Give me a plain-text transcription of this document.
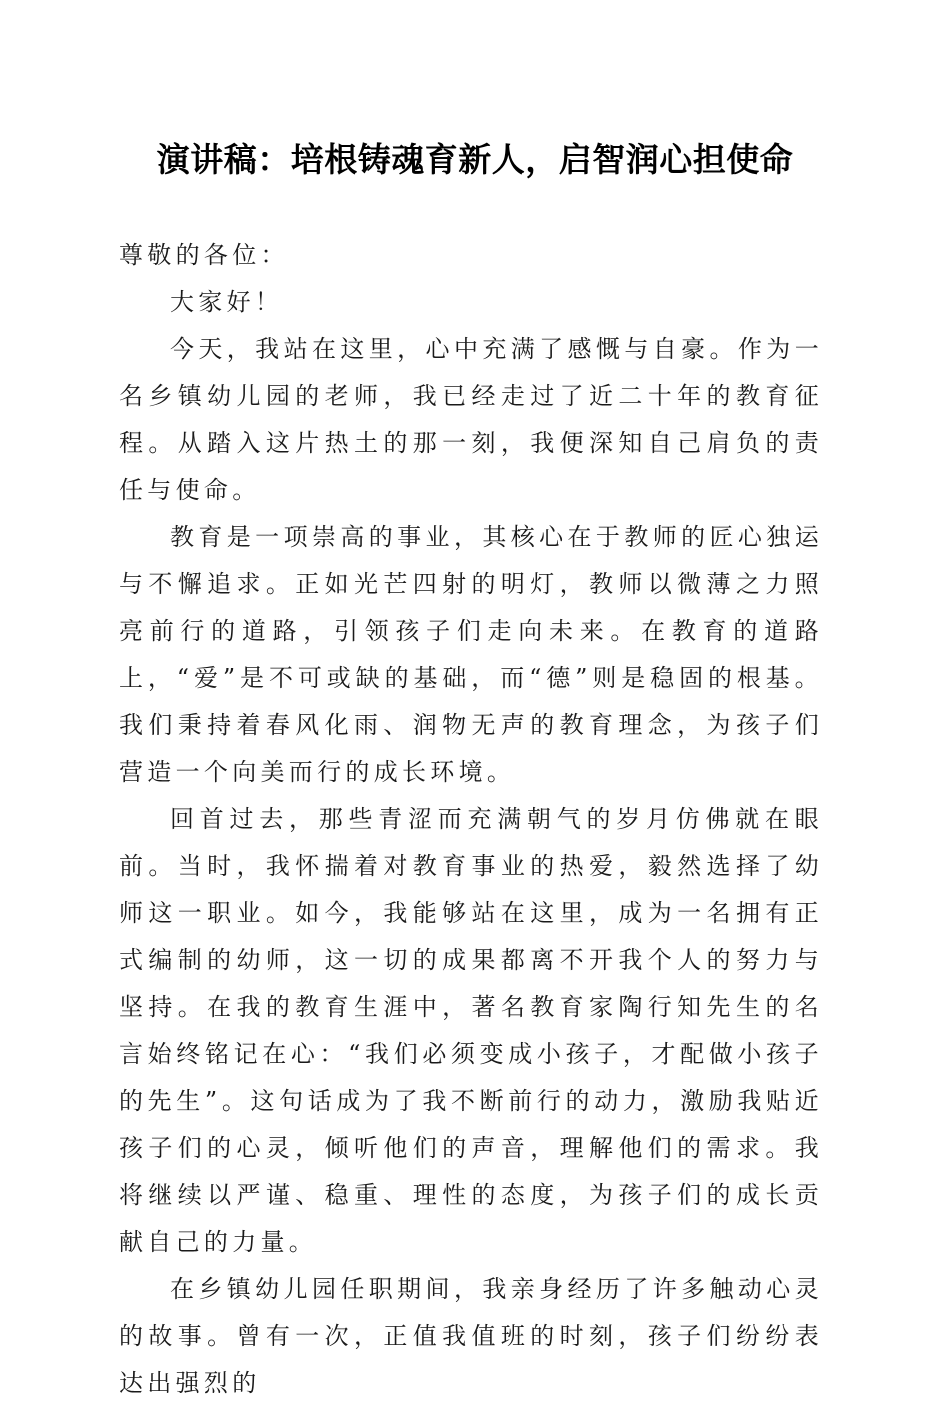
演讲稿：培根铸魂育新人，启智润心担使命

尊敬的各位：

大家好！

今天，我站在这里，心中充满了感慨与自豪。作为一名乡镇幼儿园的老师，我已经走过了近二十年的教育征程。从踏入这片热土的那一刻，我便深知自己肩负的责任与使命。

教育是一项崇高的事业，其核心在于教师的匠心独运与不懈追求。正如光芒四射的明灯，教师以微薄之力照亮前行的道路，引领孩子们走向未来。在教育的道路上，“爱”是不可或缺的基础，而“德”则是稳固的根基。我们秉持着春风化雨、润物无声的教育理念，为孩子们营造一个向美而行的成长环境。

回首过去，那些青涩而充满朝气的岁月仿佛就在眼前。当时，我怀揣着对教育事业的热爱，毅然选择了幼师这一职业。如今，我能够站在这里，成为一名拥有正式编制的幼师，这一切的成果都离不开我个人的努力与坚持。在我的教育生涯中，著名教育家陶行知先生的名言始终铭记在心：“我们必须变成小孩子，才配做小孩子的先生”。这句话成为了我不断前行的动力，激励我贴近孩子们的心灵，倾听他们的声音，理解他们的需求。我将继续以严谨、稳重、理性的态度，为孩子们的成长贡献自己的力量。

在乡镇幼儿园任职期间，我亲身经历了许多触动心灵的故事。曾有一次，正值我值班的时刻，孩子们纷纷表达出强烈的
